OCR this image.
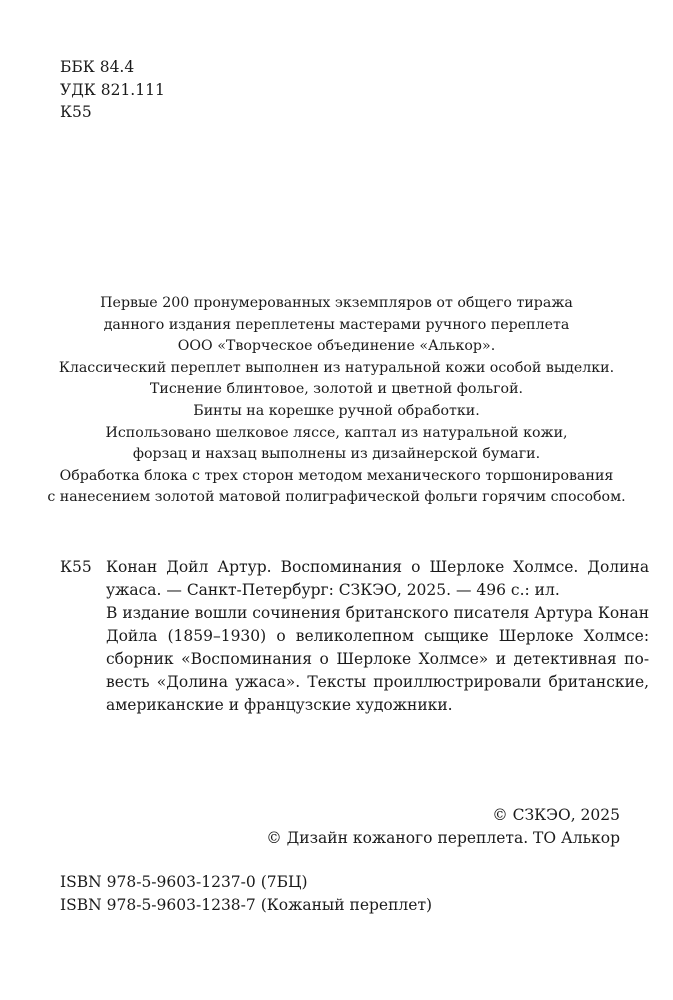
ББК 84.4
УДК 821.111
К55
Первые 200 пронумерованных экземпляров от общего тиража
данного издания переплетены мастерами ручного переплета
ООО «Творческое объединение «Алькор».
Классический переплет выполнен из натуральной кожи особой выделки.
Тиснение блинтовое, золотой и цветной фольгой.
Бинты на корешке ручной обработки.
Использовано шелковое ляссе, каптал из натуральной кожи,
форзац и нахзац выполнены из дизайнерской бумаги.
Обработка блока с трех сторон методом механического торшонирования
с нанесением золотой матовой полиграфической фольги горячим способом.
К55 Конан Дойл Артур. Воспоминания о Шерлоке Холмсе. Долина
ужаса. — Санкт-Петербург: СЗКЭО, 2025. — 496 с.: ил.
В издание вошли сочинения британского писателя Артура Конан
Дойла (1859–1930) о великолепном сыщике Шерлоке Холмсе:
сборник «Воспоминания о Шерлоке Холмсе» и детективная по-
весть «Долина ужаса». Тексты проиллюстрировали британские,
американские и французские художники.
© СЗКЭО, 2025
© Дизайн кожаного переплета. ТО Алькор
ISBN 978-5-9603-1237-0 (7БЦ)
ISBN 978-5-9603-1238-7 (Кожаный переплет)
